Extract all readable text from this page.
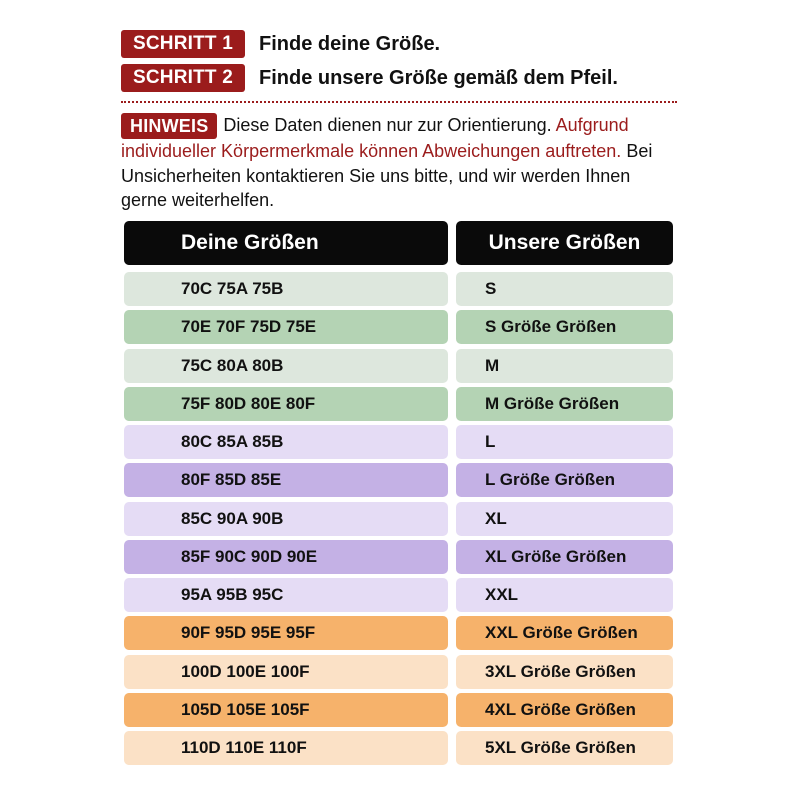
SCHRITT 1	Finde deine Größe.
SCHRITT 2	Finde unsere Größe gemäß dem Pfeil.
HINWEIS Diese Daten dienen nur zur Orientierung. Aufgrund individueller Körpermerkmale können Abweichungen auftreten. Bei Unsicherheiten kontaktieren Sie uns bitte, und wir werden Ihnen gerne weiterhelfen.
Deine Größen	Unsere Größen
70C 75A 75B	S
70E 70F 75D 75E	S Größe Größen
75C 80A 80B	M
75F 80D 80E 80F	M Größe Größen
80C 85A 85B	L
80F 85D 85E	L Größe Größen
85C 90A 90B	XL
85F 90C 90D 90E	XL Größe Größen
95A 95B 95C	XXL
90F 95D 95E 95F	XXL Größe Größen
100D 100E 100F	3XL Größe Größen
105D 105E 105F	4XL Größe Größen
110D 110E 110F	5XL Größe Größen
